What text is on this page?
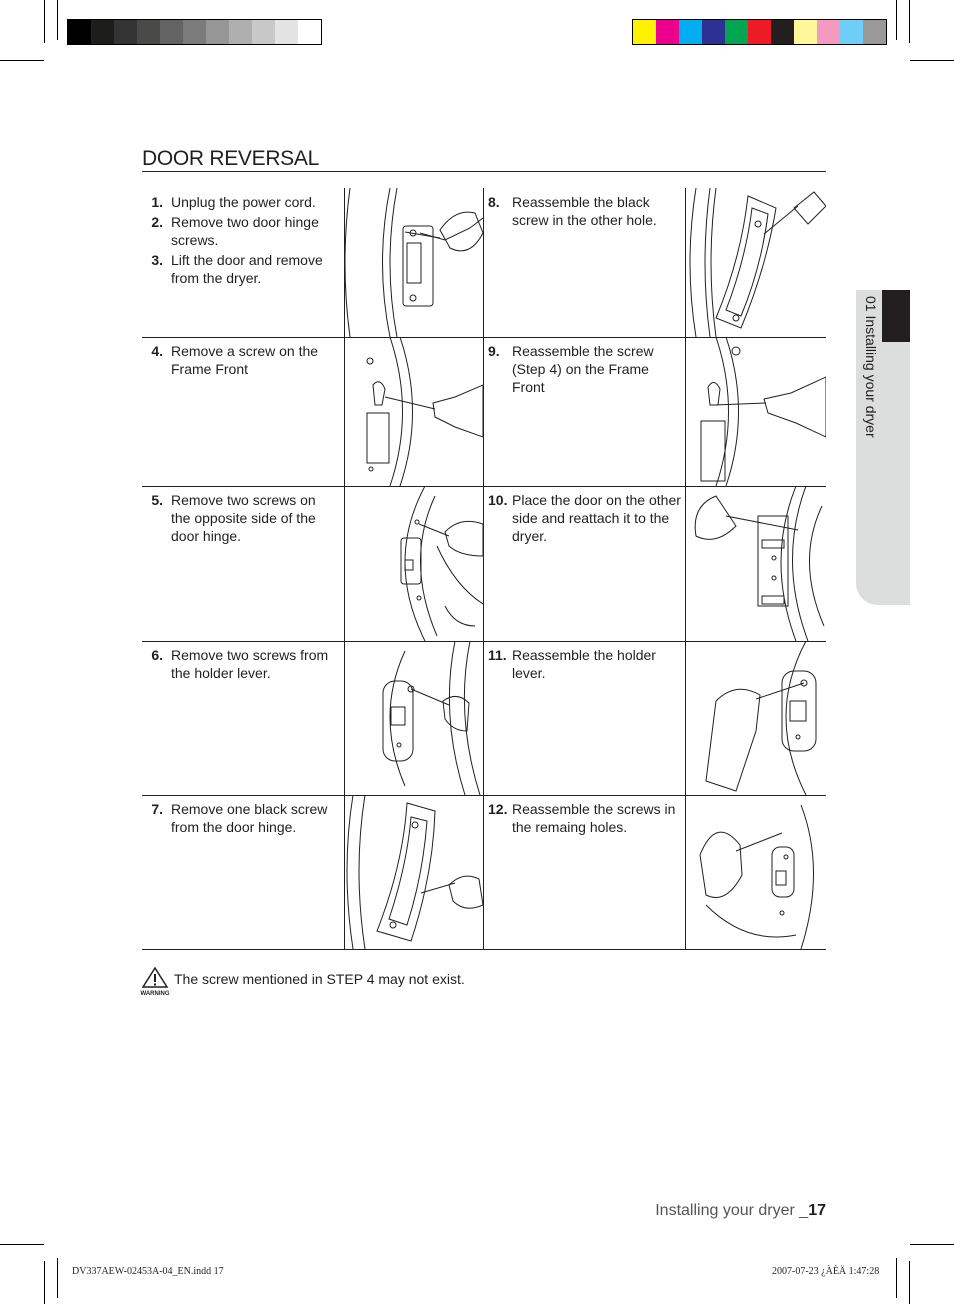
DOOR REVERSAL
1. Unplug the power cord.
2. Remove two door hinge screws.
3. Lift the door and remove from the dryer.
8. Reassemble the black screw in the other hole.
4. Remove a screw on the Frame Front
9. Reassemble the screw (Step 4) on the Frame Front
5. Remove two screws on the opposite side of the door hinge.
10. Place the door on the other side and reattach it to the dryer.
6. Remove two screws from the holder lever.
11. Reassemble the holder lever.
7. Remove one black screw from the door hinge.
12. Reassemble the screws in the remaing holes.
01 Installing your dryer
WARNING
The screw mentioned in STEP 4 may not exist.
Installing your dryer _17
DV337AEW-02453A-04_EN.indd 17	2007-07-23 ¿ÀÈÄ 1:47:28
